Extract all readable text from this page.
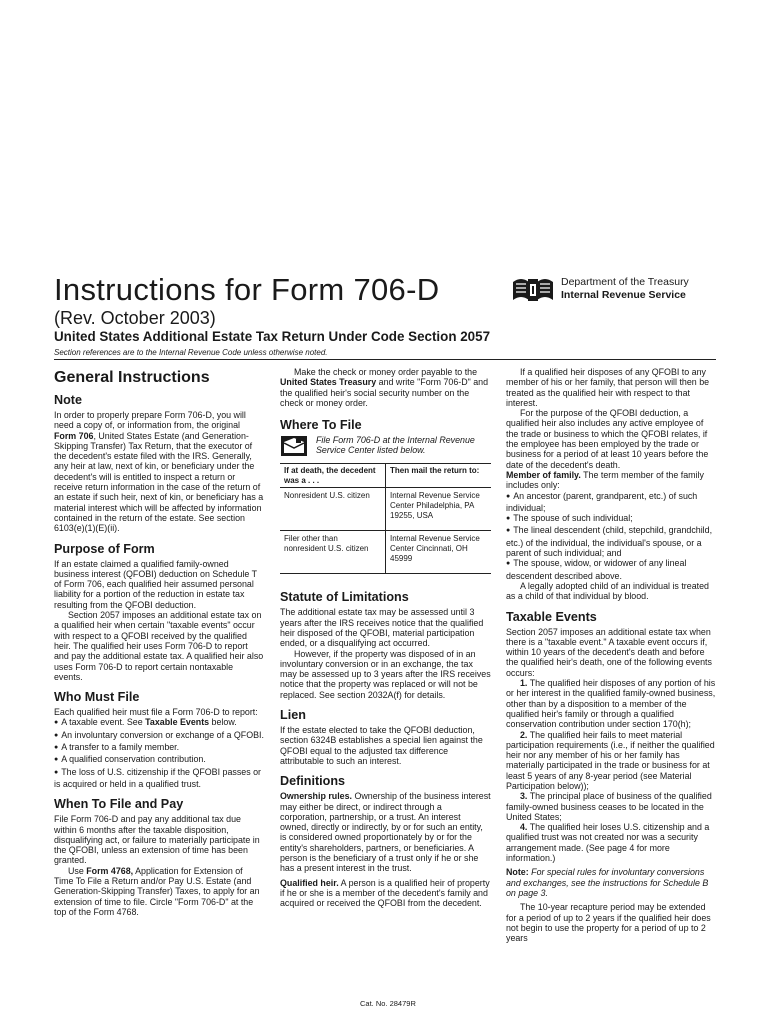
Instructions for Form 706-D
(Rev. October 2003)
United States Additional Estate Tax Return Under Code Section 2057
Section references are to the Internal Revenue Code unless otherwise noted.
Department of the Treasury
Internal Revenue Service
General Instructions
Note

In order to properly prepare Form 706-D, you will need a copy of, or information from, the original Form 706, United States Estate (and Generation-Skipping Transfer) Tax Return, that the executor of the decedent's estate filed with the IRS. Generally, any heir at law, next of kin, or beneficiary under the decedent's will is entitled to inspect a return or receive return information in the case of the return of an estate if such heir, next of kin, or beneficiary has a material interest which will be affected by information contained in the return of the estate. See section 6103(e)(1)(E)(ii).

Purpose of Form

If an estate claimed a qualified family-owned business interest (QFOBI) deduction on Schedule T of Form 706, each qualified heir assumed personal liability for a portion of the reduction in estate tax resulting from the QFOBI deduction.

Section 2057 imposes an additional estate tax on a qualified heir when certain "taxable events" occur with respect to a QFOBI received by the qualified heir. The qualified heir uses Form 706-D to report and pay the additional estate tax. A qualified heir also uses Form 706-D to report certain nontaxable events.

Who Must File

Each qualified heir must file a Form 706-D to report:

● A taxable event. See Taxable Events below.

● An involuntary conversion or exchange of a QFOBI.

● A transfer to a family member.

● A qualified conservation contribution.

● The loss of U.S. citizenship if the QFOBI passes or is acquired or held in a qualified trust.

When To File and Pay

File Form 706-D and pay any additional tax due within 6 months after the taxable disposition, disqualifying act, or failure to materially participate in the QFOBI, unless an extension of time has been granted.

Use Form 4768, Application for Extension of Time To File a Return and/or Pay U.S. Estate (and Generation-Skipping Transfer) Taxes, to apply for an extension of time to file. Circle "Form 706-D" at the top of the Form 4768.

Make the check or money order payable to the United States Treasury and write "Form 706-D" and the qualified heir's social security number on the check or money order.

Where To File

File Form 706-D at the Internal Revenue Service Center listed below.

If at death, the decedent was a . . .	Then mail the return to:
Nonresident U.S. citizen	Internal Revenue Service Center Philadelphia, PA 19255, USA
Filer other than nonresident U.S. citizen	Internal Revenue Service Center Cincinnati, OH 45999
Statute of Limitations

The additional estate tax may be assessed until 3 years after the IRS receives notice that the qualified heir disposed of the QFOBI, material participation ended, or a disqualifying act occurred.

However, if the property was disposed of in an involuntary conversion or in an exchange, the tax may be assessed up to 3 years after the IRS receives notice that the property was replaced or will not be replaced. See section 2032A(f) for details.

Lien

If the estate elected to take the QFOBI deduction, section 6324B establishes a special lien against the QFOBI equal to the adjusted tax difference attributable to such an interest.

Definitions

Ownership rules. Ownership of the business interest may either be direct, or indirect through a corporation, partnership, or a trust. An interest owned, directly or indirectly, by or for such an entity, is considered owned proportionately by or for the entity's shareholders, partners, or beneficiaries. A person is the beneficiary of a trust only if he or she has a present interest in the trust.

Qualified heir. A person is a qualified heir of property if he or she is a member of the decedent's family and acquired or received the QFOBI from the decedent.

If a qualified heir disposes of any QFOBI to any member of his or her family, that person will then be treated as the qualified heir with respect to that interest.

For the purpose of the QFOBI deduction, a qualified heir also includes any active employee of the trade or business to which the QFOBI relates, if the employee has been employed by the trade or business for a period of at least 10 years before the date of the decedent's death.

Member of family. The term member of the family includes only:

● An ancestor (parent, grandparent, etc.) of such individual;

● The spouse of such individual;

● The lineal descendent (child, stepchild, grandchild, etc.) of the individual, the individual's spouse, or a parent of such individual; and

● The spouse, widow, or widower of any lineal descendent described above.

A legally adopted child of an individual is treated as a child of that individual by blood.

Taxable Events

Section 2057 imposes an additional estate tax when there is a "taxable event." A taxable event occurs if, within 10 years of the decedent's death and before the qualified heir's death, one of the following events occurs:

1. The qualified heir disposes of any portion of his or her interest in the qualified family-owned business, other than by a disposition to a member of the qualified heir's family or through a qualified conservation contribution under section 170(h);

2. The qualified heir fails to meet material participation requirements (i.e., if neither the qualified heir nor any member of his or her family has materially participated in the trade or business for at least 5 years of any 8-year period (see Material Participation below));

3. The principal place of business of the qualified family-owned business ceases to be located in the United States;

4. The qualified heir loses U.S. citizenship and a qualified trust was not created nor was a security arrangement made. (See page 4 for more information.)

Note: For special rules for involuntary conversions and exchanges, see the instructions for Schedule B on page 3.

The 10-year recapture period may be extended for a period of up to 2 years if the qualified heir does not begin to use the property for a period of up to 2 years

Cat. No. 28479R
